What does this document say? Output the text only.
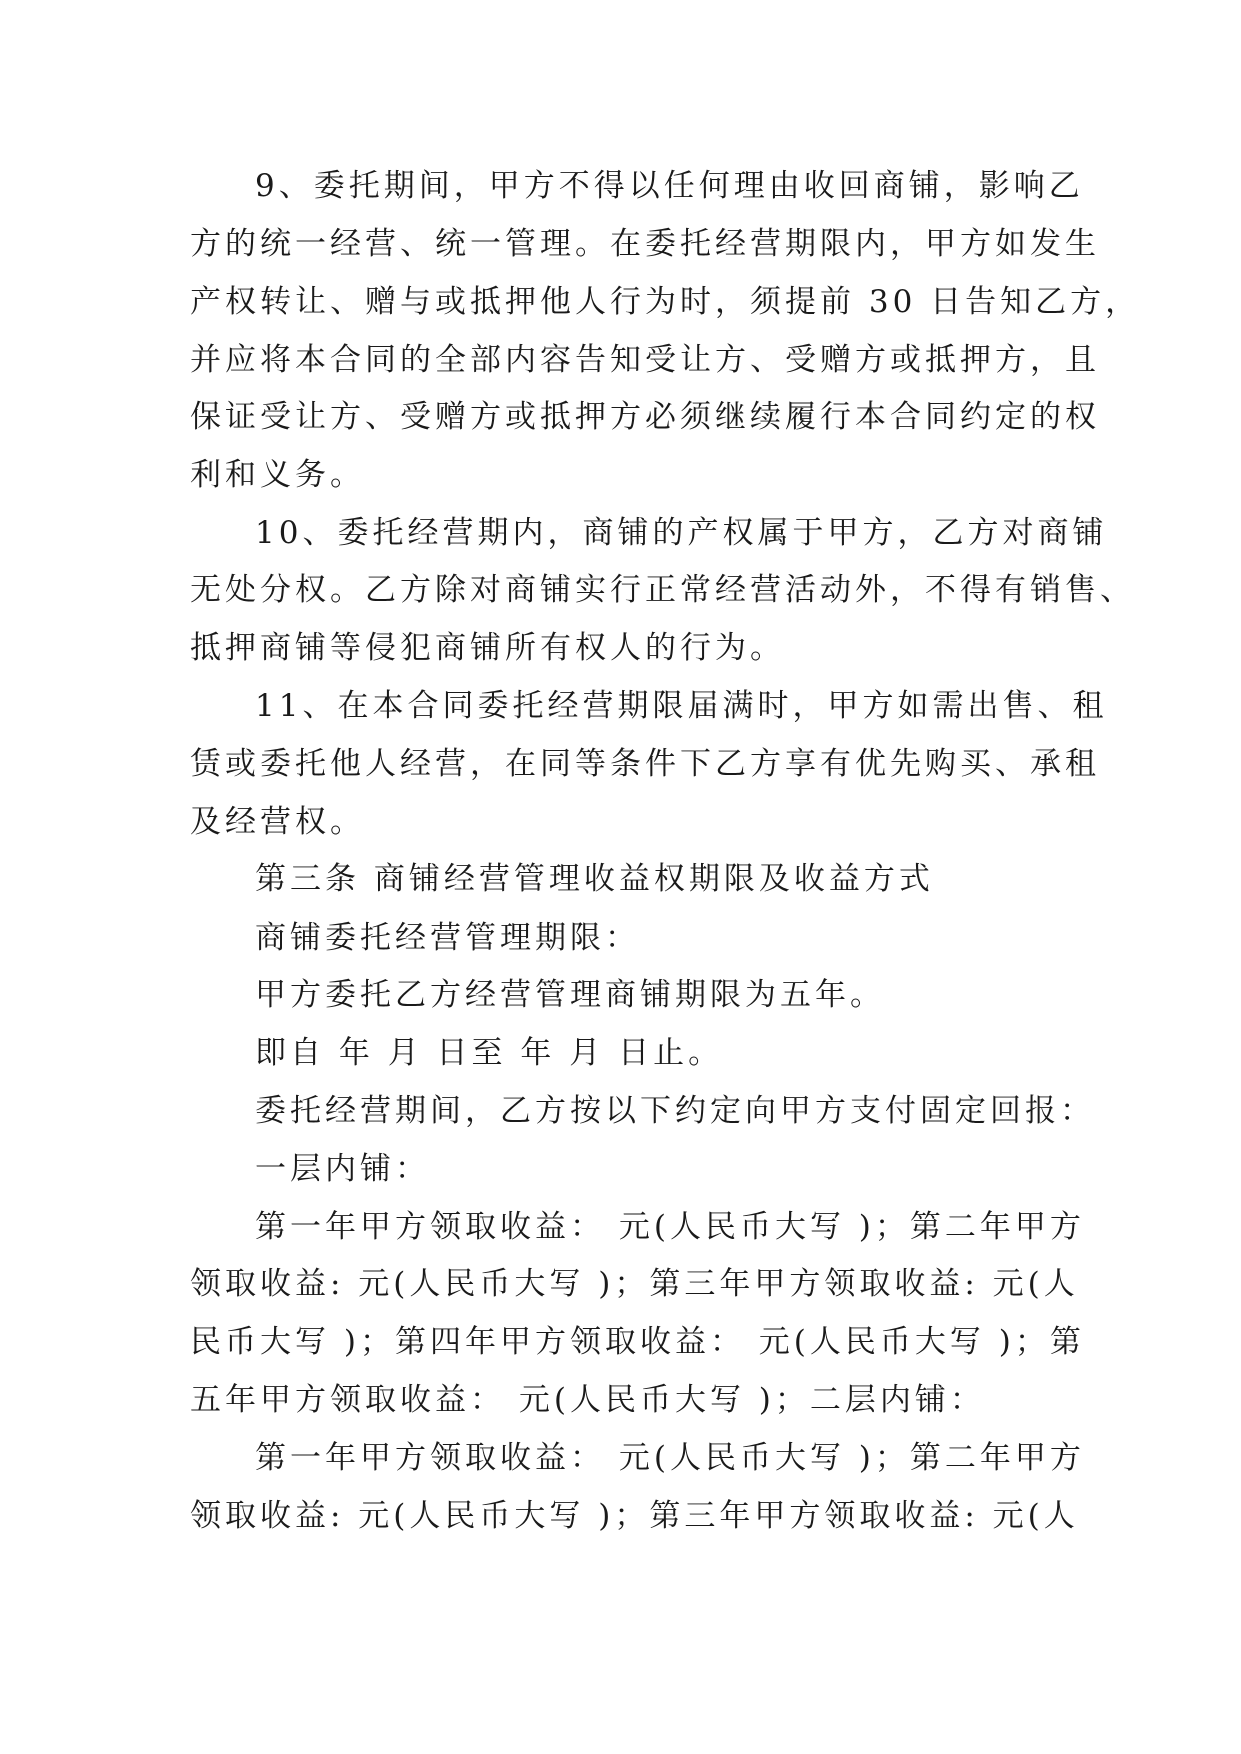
9、委托期间，甲方不得以任何理由收回商铺，影响乙
方的统一经营、统一管理。在委托经营期限内，甲方如发生
产权转让、赠与或抵押他人行为时，须提前 30 日告知乙方，
并应将本合同的全部内容告知受让方、受赠方或抵押方，且
保证受让方、受赠方或抵押方必须继续履行本合同约定的权
利和义务。
10、委托经营期内，商铺的产权属于甲方，乙方对商铺
无处分权。乙方除对商铺实行正常经营活动外，不得有销售、
抵押商铺等侵犯商铺所有权人的行为。
11、在本合同委托经营期限届满时，甲方如需出售、租
赁或委托他人经营，在同等条件下乙方享有优先购买、承租
及经营权。
第三条 商铺经营管理收益权期限及收益方式
商铺委托经营管理期限：
甲方委托乙方经营管理商铺期限为五年。
即自 年 月 日至 年 月 日止。
委托经营期间，乙方按以下约定向甲方支付固定回报：
一层内铺：
第一年甲方领取收益： 元(人民币大写 )；第二年甲方
领取收益: 元(人民币大写 )；第三年甲方领取收益: 元(人
民币大写 )；第四年甲方领取收益： 元(人民币大写 )；第
五年甲方领取收益： 元(人民币大写 )；二层内铺：
第一年甲方领取收益： 元(人民币大写 )；第二年甲方
领取收益: 元(人民币大写 )；第三年甲方领取收益: 元(人
